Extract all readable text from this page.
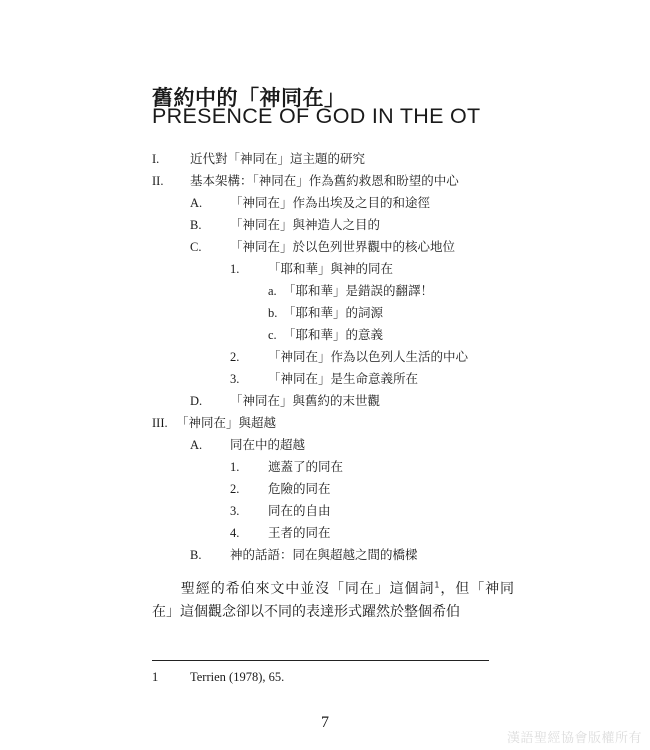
舊約中的「神同在」
PRESENCE OF GOD IN THE OT
I. 近代對「神同在」這主題的研究
II. 基本架構：「神同在」作為舊約救恩和盼望的中心
A. 「神同在」作為出埃及之目的和途徑
B. 「神同在」與神造人之目的
C. 「神同在」於以色列世界觀中的核心地位
1. 「耶和華」與神的同在
a. 「耶和華」是錯誤的翻譯！
b. 「耶和華」的詞源
c. 「耶和華」的意義
2. 「神同在」作為以色列人生活的中心
3. 「神同在」是生命意義所在
D. 「神同在」與舊約的末世觀
III. 「神同在」與超越
A. 同在中的超越
1. 遮蓋了的同在
2. 危險的同在
3. 同在的自由
4. 王者的同在
B. 神的話語：同在與超越之間的橋樑

聖經的希伯來文中並沒「同在」這個詞$^1$，但「神同在」這個觀念卻以不同的表達形式躍然於整個希伯

1	Terrien (1978), 65.
7
漢語聖經協會版權所有
